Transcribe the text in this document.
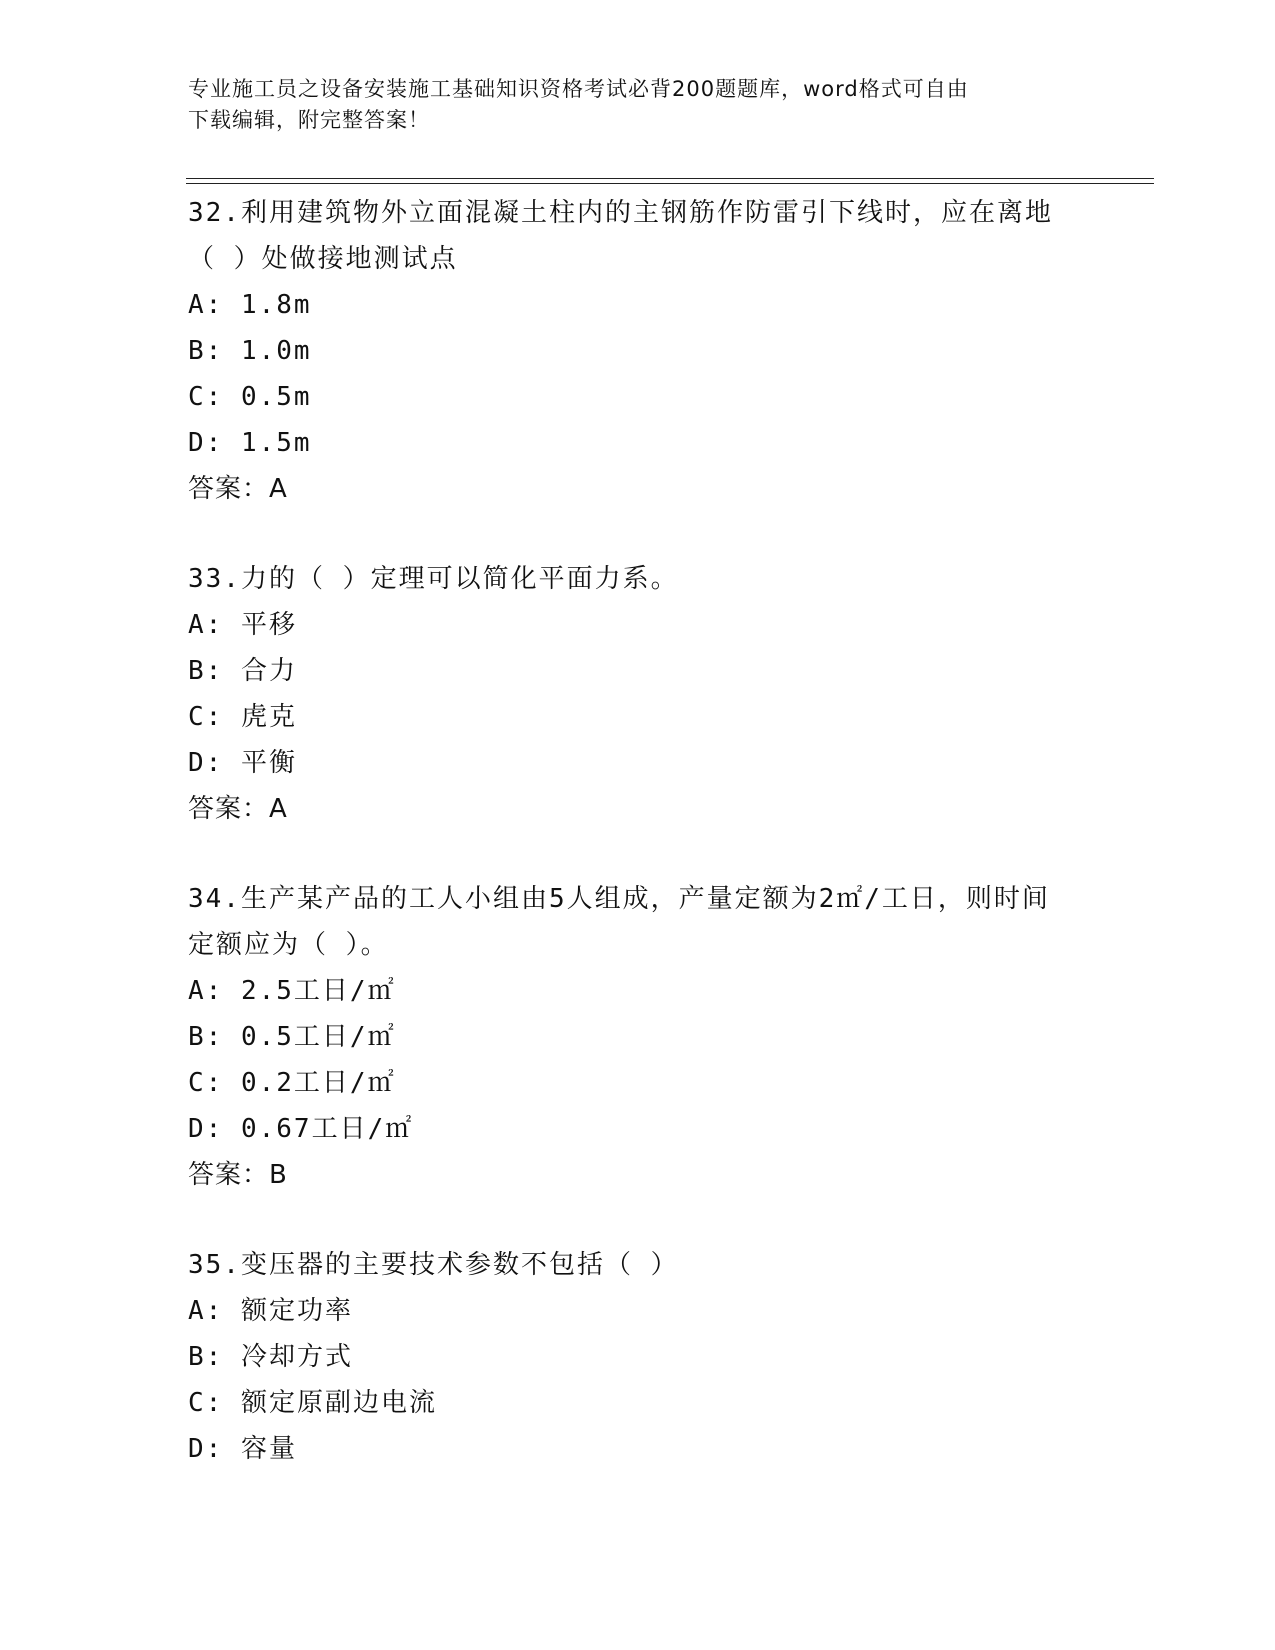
专业施工员之设备安装施工基础知识资格考试必背200题题库，word格式可自由
下载编辑，附完整答案！
32.利用建筑物外立面混凝土柱内的主钢筋作防雷引下线时，应在离地
（ ）处做接地测试点
A: 1.8m
B: 1.0m
C: 0.5m
D: 1.5m
答案：A
33.力的（ ）定理可以简化平面力系。
A: 平移
B: 合力
C: 虎克
D: 平衡
答案：A
34.生产某产品的工人小组由5人组成，产量定额为2㎡/工日，则时间
定额应为（ ）。
A: 2.5工日/㎡
B: 0.5工日/㎡
C: 0.2工日/㎡
D: 0.67工日/㎡
答案：B
35.变压器的主要技术参数不包括（ ）
A: 额定功率
B: 冷却方式
C: 额定原副边电流
D: 容量
